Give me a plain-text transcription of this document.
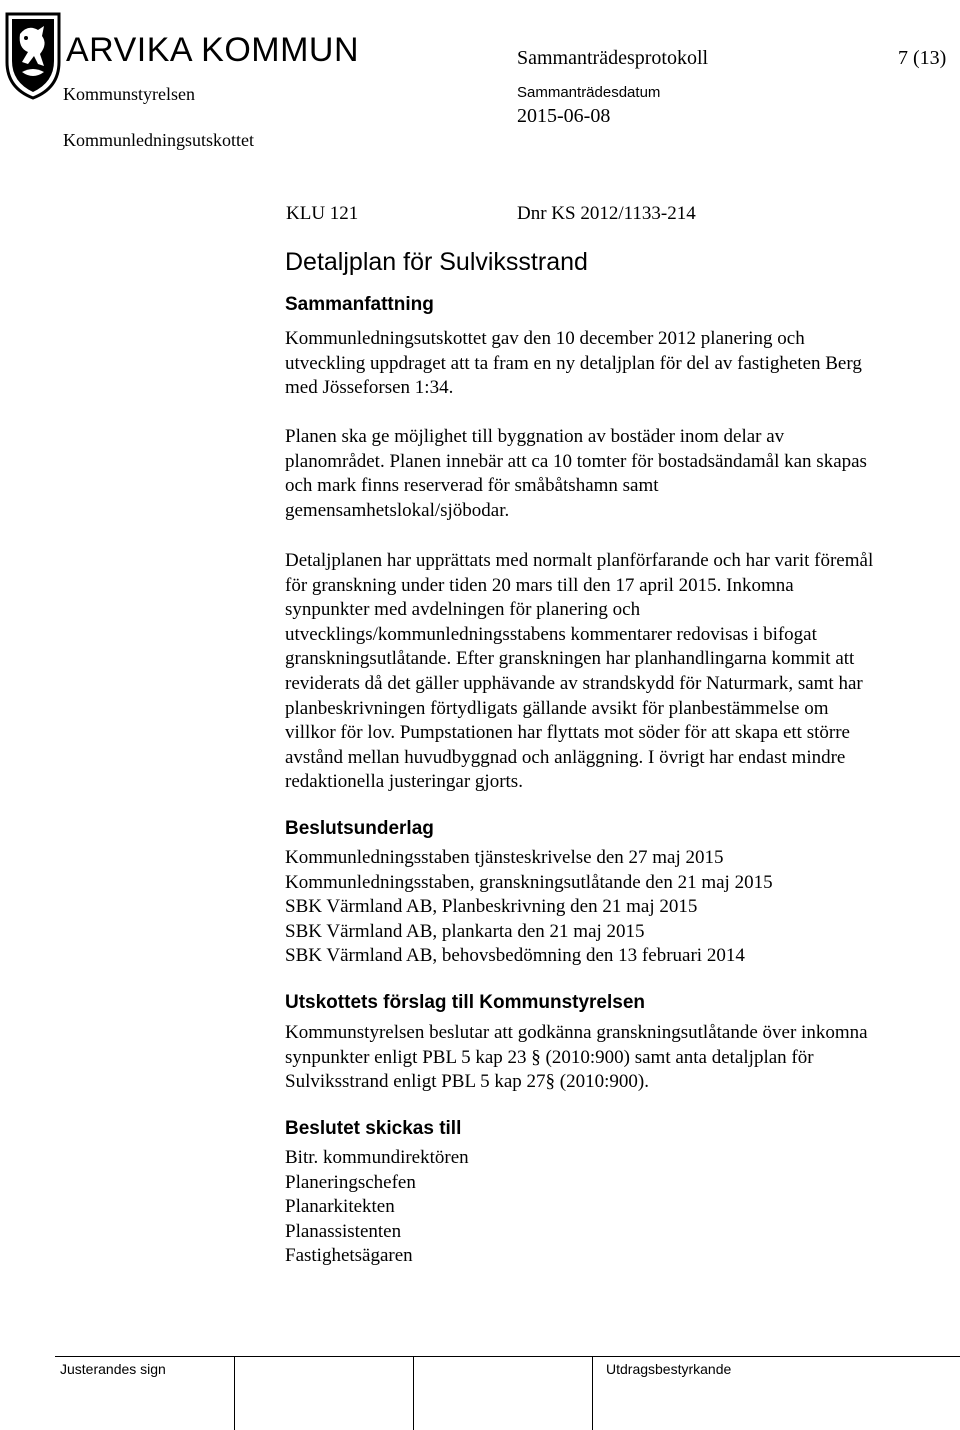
ARVIKA KOMMUN	Sammanträdesprotokoll	7 (13)
Kommunstyrelsen	Sammanträdesdatum
2015-06-08
Kommunledningsutskottet
KLU 121	Dnr KS 2012/1133-214
Detaljplan för Sulviksstrand
Sammanfattning
Kommunledningsutskottet gav den 10 december 2012 planering och
utveckling uppdraget att ta fram en ny detaljplan för del av fastigheten Berg
med Jösseforsen 1:34.
Planen ska ge möjlighet till byggnation av bostäder inom delar av
planområdet. Planen innebär att ca 10 tomter för bostadsändamål kan skapas
och mark finns reserverad för småbåtshamn samt
gemensamhetslokal/sjöbodar.
Detaljplanen har upprättats med normalt planförfarande och har varit föremål
för granskning under tiden 20 mars till den 17 april 2015. Inkomna
synpunkter med avdelningen för planering och
utvecklings/kommunledningsstabens kommentarer redovisas i bifogat
granskningsutlåtande. Efter granskningen har planhandlingarna kommit att
reviderats då det gäller upphävande av strandskydd för Naturmark, samt har
planbeskrivningen förtydligats gällande avsikt för planbestämmelse om
villkor för lov. Pumpstationen har flyttats mot söder för att skapa ett större
avstånd mellan huvudbyggnad och anläggning. I övrigt har endast mindre
redaktionella justeringar gjorts.
Beslutsunderlag
Kommunledningsstaben tjänsteskrivelse den 27 maj 2015
Kommunledningsstaben, granskningsutlåtande den 21 maj 2015
SBK Värmland AB, Planbeskrivning den 21 maj 2015
SBK Värmland AB, plankarta den 21 maj 2015
SBK Värmland AB, behovsbedömning den 13 februari 2014
Utskottets förslag till Kommunstyrelsen
Kommunstyrelsen beslutar att godkänna granskningsutlåtande över inkomna
synpunkter enligt PBL 5 kap 23 § (2010:900) samt anta detaljplan för
Sulviksstrand enligt PBL 5 kap 27§ (2010:900).
Beslutet skickas till
Bitr. kommundirektören
Planeringschefen
Planarkitekten
Planassistenten
Fastighetsägaren
Justerandes sign	Utdragsbestyrkande
